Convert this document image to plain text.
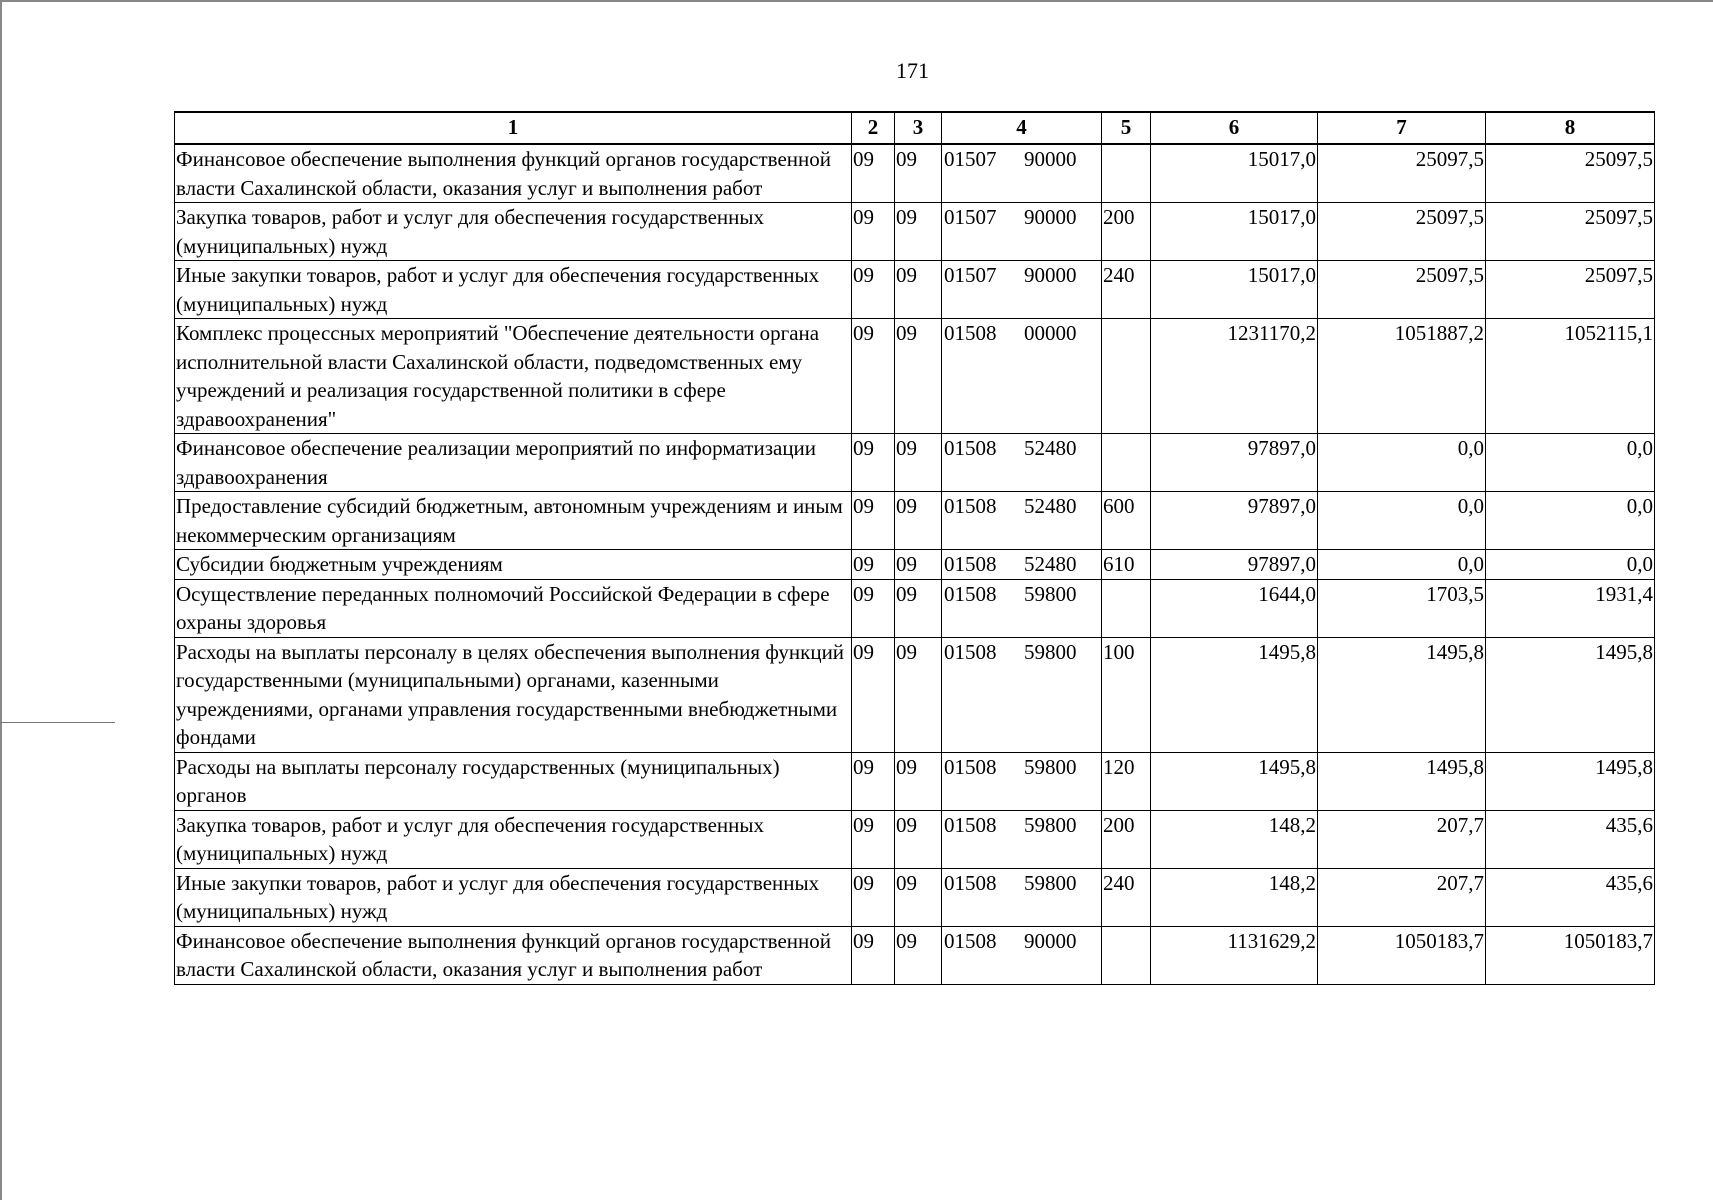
171
1	2	3	4	5	6	7	8
Финансовое обеспечение выполнения функций органов государственной власти Сахалинской области, оказания услуг и выполнения работ	09	09	01507 90000		15017,0	25097,5	25097,5
Закупка товаров, работ и услуг для обеспечения государственных (муниципальных) нужд	09	09	01507 90000	200	15017,0	25097,5	25097,5
Иные закупки товаров, работ и услуг для обеспечения государственных (муниципальных) нужд	09	09	01507 90000	240	15017,0	25097,5	25097,5
Комплекс процессных мероприятий "Обеспечение деятельности органа исполнительной власти Сахалинской области, подведомственных ему учреждений и реализация государственной политики в сфере здравоохранения"	09	09	01508 00000		1231170,2	1051887,2	1052115,1
Финансовое обеспечение реализации мероприятий по информатизации здравоохранения	09	09	01508 52480		97897,0	0,0	0,0
Предоставление субсидий бюджетным, автономным учреждениям и иным некоммерческим организациям	09	09	01508 52480	600	97897,0	0,0	0,0
Субсидии бюджетным учреждениям	09	09	01508 52480	610	97897,0	0,0	0,0
Осуществление переданных полномочий Российской Федерации в сфере охраны здоровья	09	09	01508 59800		1644,0	1703,5	1931,4
Расходы на выплаты персоналу в целях обеспечения выполнения функций государственными (муниципальными) органами, казенными учреждениями, органами управления государственными внебюджетными фондами	09	09	01508 59800	100	1495,8	1495,8	1495,8
Расходы на выплаты персоналу государственных (муниципальных) органов	09	09	01508 59800	120	1495,8	1495,8	1495,8
Закупка товаров, работ и услуг для обеспечения государственных (муниципальных) нужд	09	09	01508 59800	200	148,2	207,7	435,6
Иные закупки товаров, работ и услуг для обеспечения государственных (муниципальных) нужд	09	09	01508 59800	240	148,2	207,7	435,6
Финансовое обеспечение выполнения функций органов государственной власти Сахалинской области, оказания услуг и выполнения работ	09	09	01508 90000		1131629,2	1050183,7	1050183,7
